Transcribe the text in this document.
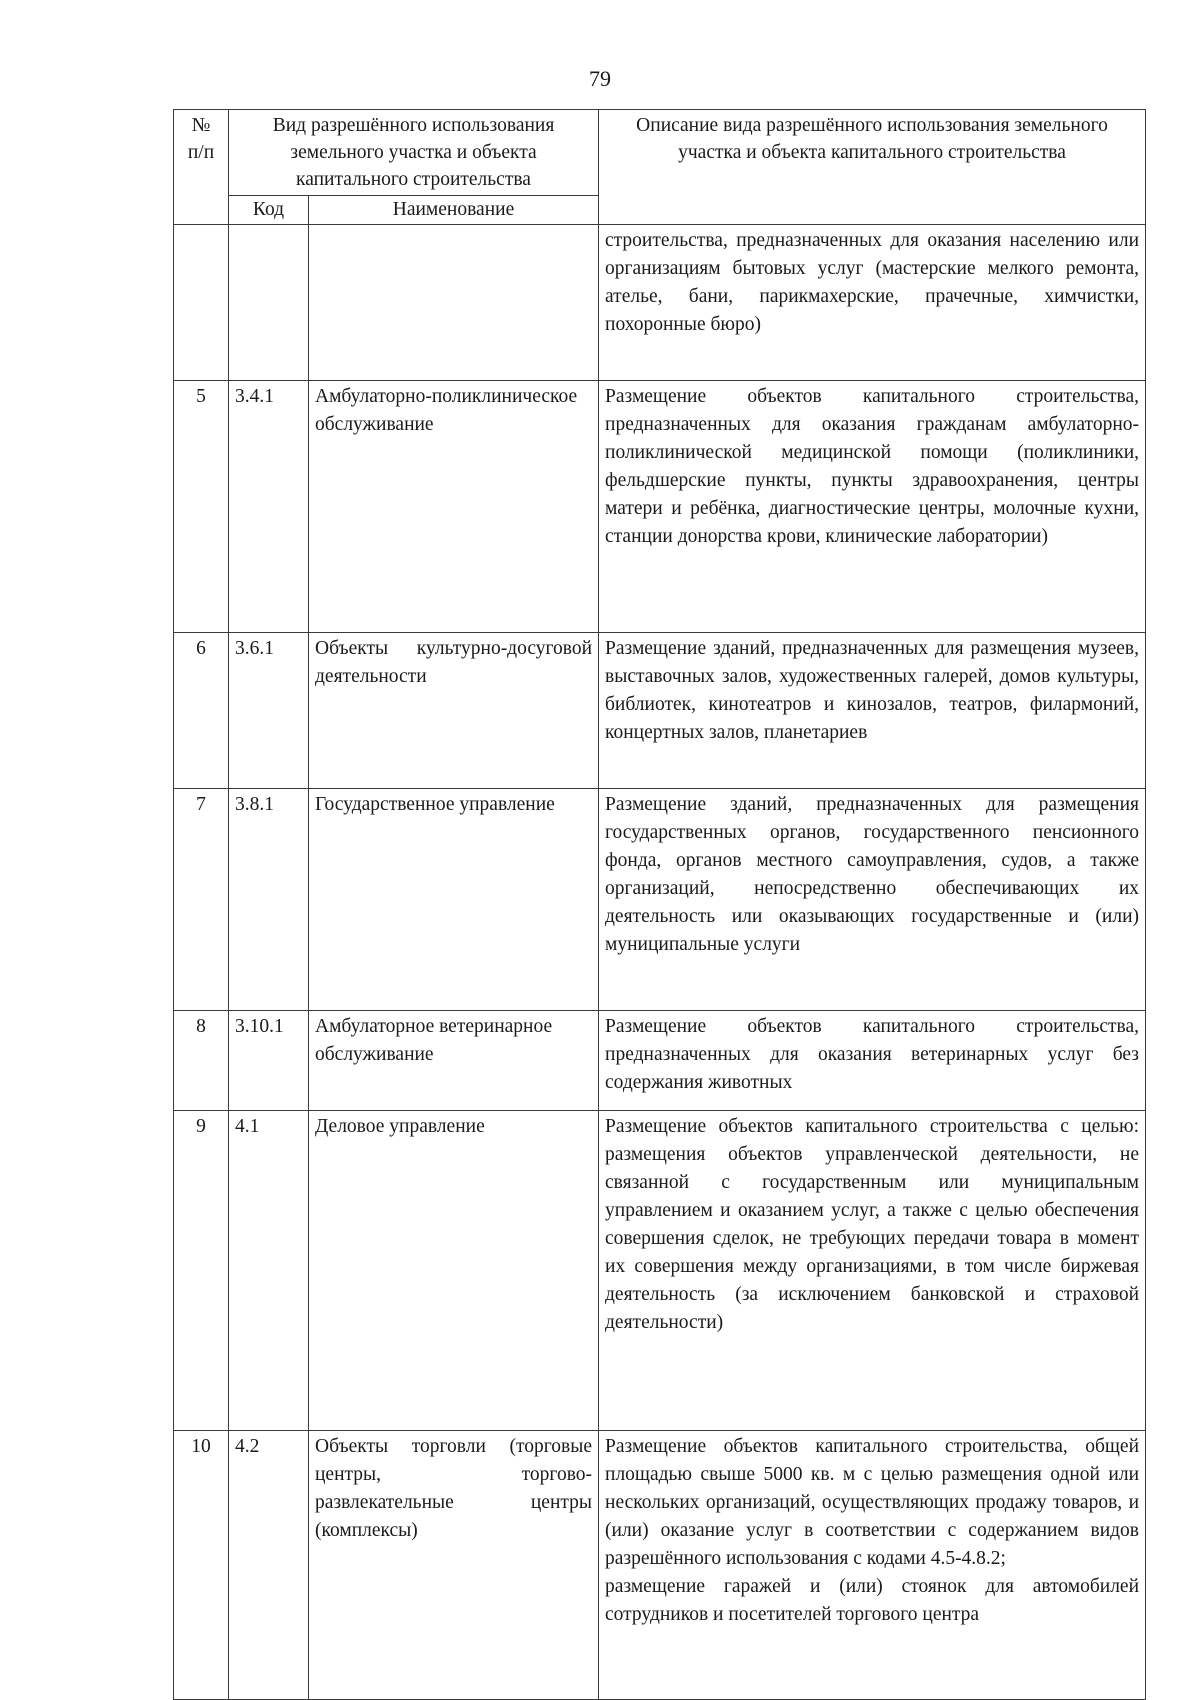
79
№
п/п	Вид разрешённого использования земельного участка и объекта капитального строительства		Описание вида разрешённого использования земельного участка и объекта капитального строительства
	Код	Наименование	

			строительства, предназначенных для оказания населению или организациям бытовых услуг (мастерские мелкого ремонта, ателье, бани, парикмахерские, прачечные, химчистки, похоронные бюро)

5	3.4.1	Амбулаторно-поликлиническое обслуживание	Размещение объектов капитального строительства, предназначенных для оказания гражданам амбулаторно-поликлинической медицинской помощи (поликлиники, фельдшерские пункты, пункты здравоохранения, центры матери и ребёнка, диагностические центры, молочные кухни, станции донорства крови, клинические лаборатории)

6	3.6.1	Объекты культурно-досуговой деятельности	Размещение зданий, предназначенных для размещения музеев, выставочных залов, художественных галерей, домов культуры, библиотек, кинотеатров и кинозалов, театров, филармоний, концертных залов, планетариев

7	3.8.1	Государственное управление	Размещение зданий, предназначенных для размещения государственных органов, государственного пенсионного фонда, органов местного самоуправления, судов, а также организаций, непосредственно обеспечивающих их деятельность или оказывающих государственные и (или) муниципальные услуги

8	3.10.1	Амбулаторное ветеринарное обслуживание	Размещение объектов капитального строительства, предназначенных для оказания ветеринарных услуг без содержания животных

9	4.1	Деловое управление	Размещение объектов капитального строительства с целью: размещения объектов управленческой деятельности, не связанной с государственным или муниципальным управлением и оказанием услуг, а также с целью обеспечения совершения сделок, не требующих передачи товара в момент их совершения между организациями, в том числе биржевая деятельность (за исключением банковской и страховой деятельности)

10	4.2	Объекты торговли (торговые центры, торгово-развлекательные центры (комплексы)	Размещение объектов капитального строительства, общей площадью свыше 5000 кв. м с целью размещения одной или нескольких организаций, осуществляющих продажу товаров, и (или) оказание услуг в соответствии с содержанием видов разрешённого использования с кодами 4.5-4.8.2;

размещение гаражей и (или) стоянок для автомобилей сотрудников и посетителей торгового центра
